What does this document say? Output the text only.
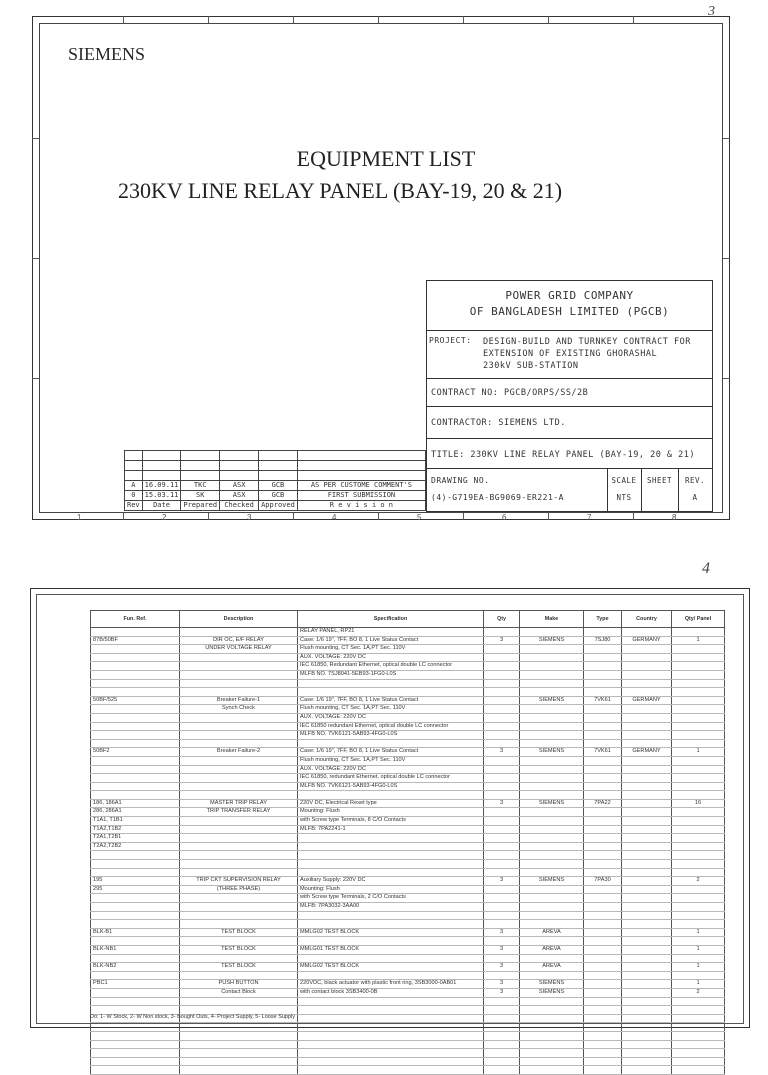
3
SIEMENS
EQUIPMENT LIST
230KV LINE RELAY PANEL (BAY-19, 20 & 21)
POWER GRID COMPANY
OF BANGLADESH LIMITED (PGCB)
PROJECT: DESIGN-BUILD AND TURNKEY CONTRACT FOR
EXTENSION OF EXISTING GHORASHAL
230kV SUB-STATION
CONTRACT NO: PGCB/ORPS/SS/2B
CONTRACTOR: SIEMENS LTD.
TITLE: 230KV LINE RELAY PANEL (BAY-19, 20 & 21)
DRAWING NO.
(4)-G719EA-BG9069-ER221-A
SCALE
NTS
SHEET	REV.
A

A	16.09.11	TKC	ASX	GCB	AS PER CUSTOME COMMENT'S
0	15.03.11	SK	ASX	GCB	FIRST SUBMISSION
Rev	Date	Prepared	Checked	Approved	R e v i s i o n
1	2	3	4	5	6	7	8
4
Fun. Ref.	Description	Specification	Qty	Make	Type	Country	Qty/ Panel
		RELAY PANEL, RP21					
87B/50BF	DIR OC, E/F RELAY	Case: 1/6 19", 7FF, BO 8, 1 Live Status Contact	3	SIEMENS	7SJ80	GERMANY	1
	UNDER VOLTAGE RELAY	Flush mounting, CT Sec. 1A,PT Sec. 110V					
		AUX. VOLTAGE: 220V DC					
		IEC 61850, Redundant Ethernet, optical double LC connector					
		MLFB NO. 7SJ8041-5EB93-1FG0-L0S					

50BF/525	Breaker Failure-1	Case: 1/6 19", 7FF, BO 8, 1 Live Status Contact		SIEMENS	7VK61	GERMANY	
	Synch Check	Flush mounting, CT Sec. 1A,PT Sec. 110V					
		AUX. VOLTAGE: 220V DC					
		IEC 61850 redundant Ethernet, optical double LC connector					
		MLFB NO. 7VK6121-5AB93-4FG0-L0S					

50BF2	Breaker Failure-2	Case: 1/6 19", 7FF, BO 8, 1 Live Status Contact	3	SIEMENS	7VK61	GERMANY	1
		Flush mounting, CT Sec. 1A,PT Sec. 110V					
		AUX. VOLTAGE: 220V DC					
		IEC 61850, redundant Ethernet, optical double LC connector					
		MLFB NO. 7VK6121-5AB93-4FG0-L0S					

186, 186A1	MASTER TRIP RELAY	220V DC, Electrical Reset type	3	SIEMENS	7PA22		16
286, 286A1	TRIP TRANSFER RELAY	Mounting: Flush					
T1A1, T1B1		with Screw type Terminals, 8 C/O Contacts					
T1A2,T1B2		MLFB: 7PA2241-1					
T2A1,T2B1							
T2A2,T2B2							

195	TRIP CKT SUPERVISION RELAY	Auxiliary Supply: 220V DC	3	SIEMENS	7PA30		2
295	(THREE PHASE)	Mounting: Flush					
		with Screw type Terminals, 2 C/O Contacts					
		MLFB: 7PA3032-3AA00					

BLK-B1	TEST BLOCK	MMLG02 TEST BLOCK	3	AREVA			1

BLK-NB1	TEST BLOCK	MMLG01 TEST BLOCK	3	AREVA			1

BLK-NB2	TEST BLOCK	MMLG02 TEST BLOCK	3	AREVA			1

PBC1	PUSH BUTTON	220VDC, black actuator with plastic front ring, 3SB3000-0AB01	3	SIEMENS			1
	Contact Block	with contact block 3SB3400-0B	3	SIEMENS			2

Do: 1- W Stock, 2- W Non stock, 3- Bought Outs, 4- Project Supply, 5- Loose Supply
